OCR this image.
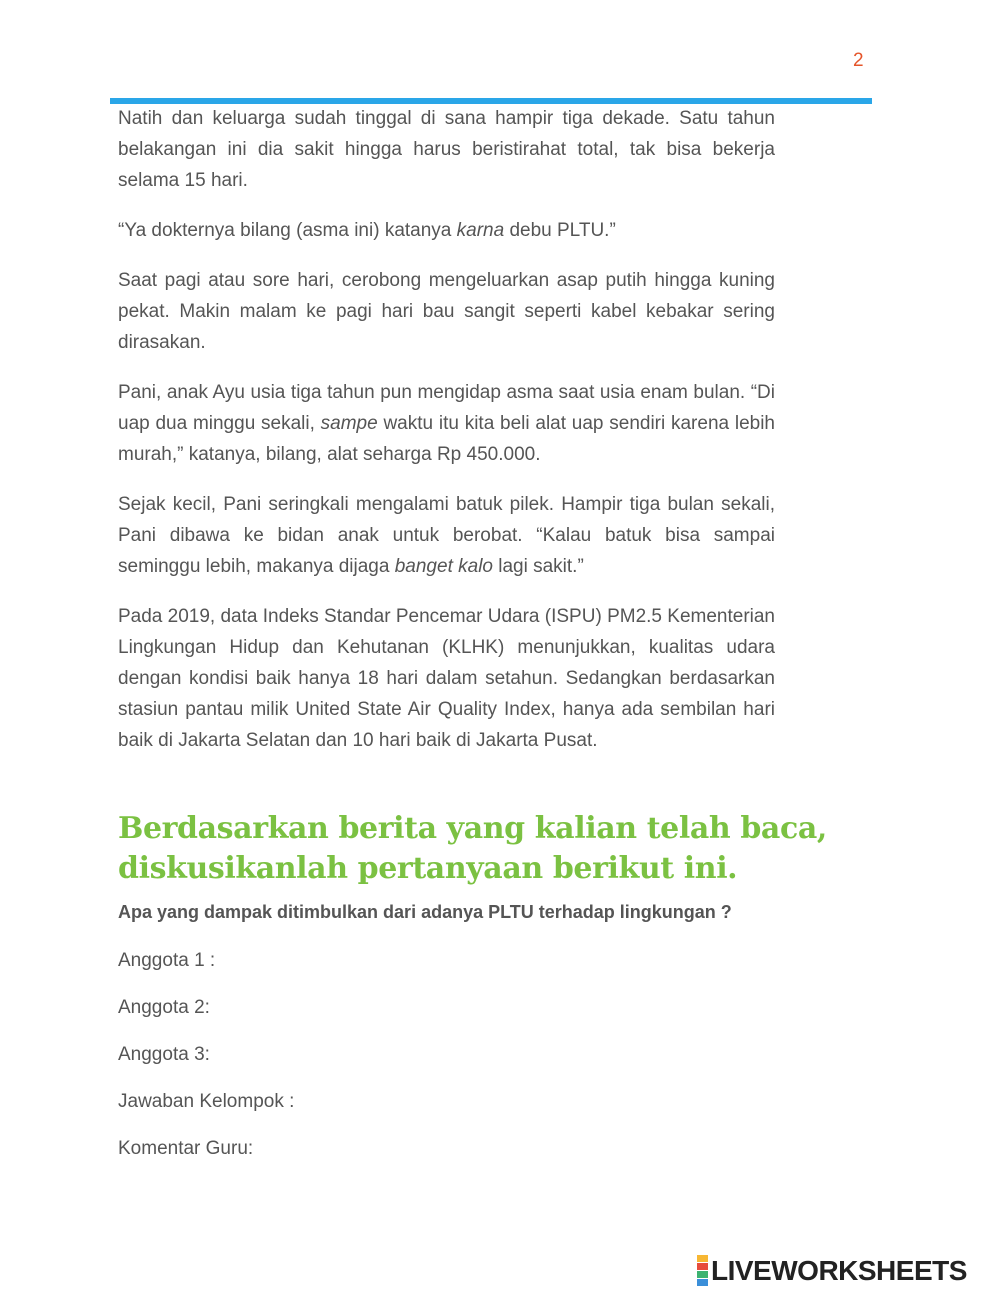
2

Natih dan keluarga sudah tinggal di sana hampir tiga dekade. Satu tahun belakangan ini dia sakit hingga harus beristirahat total, tak bisa bekerja selama 15 hari.

“Ya dokternya bilang (asma ini) katanya karna debu PLTU.”

Saat pagi atau sore hari, cerobong mengeluarkan asap putih hingga kuning pekat. Makin malam ke pagi hari bau sangit seperti kabel kebakar sering dirasakan.

Pani, anak Ayu usia tiga tahun pun mengidap asma saat usia enam bulan. “Di uap dua minggu sekali, sampe waktu itu kita beli alat uap sendiri karena lebih murah,” katanya, bilang, alat seharga Rp 450.000.

Sejak kecil, Pani seringkali mengalami batuk pilek. Hampir tiga bulan sekali, Pani dibawa ke bidan anak untuk berobat. “Kalau batuk bisa sampai seminggu lebih, makanya dijaga banget kalo lagi sakit.”

Pada 2019, data Indeks Standar Pencemar Udara (ISPU) PM2.5 Kementerian Lingkungan Hidup dan Kehutanan (KLHK) menunjukkan, kualitas udara dengan kondisi baik hanya 18 hari dalam setahun. Sedangkan berdasarkan stasiun pantau milik United State Air Quality Index, hanya ada sembilan hari baik di Jakarta Selatan dan 10 hari baik di Jakarta Pusat.

Berdasarkan berita yang kalian telah baca,
diskusikanlah pertanyaan berikut ini.
Apa yang dampak ditimbulkan dari adanya PLTU terhadap lingkungan ?
Anggota 1 :
Anggota 2:
Anggota 3:
Jawaban Kelompok :
Komentar Guru:
LIVEWORKSHEETS
